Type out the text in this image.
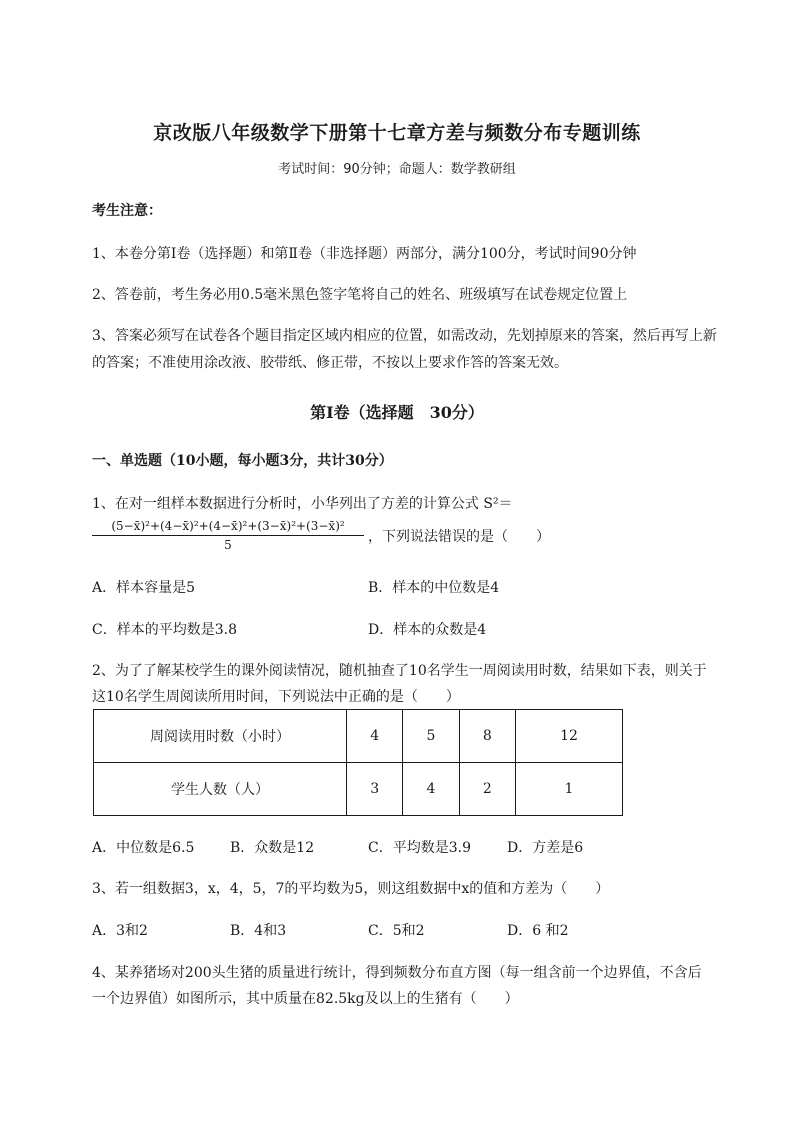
京改版八年级数学下册第十七章方差与频数分布专题训练
考试时间：90分钟；命题人：数学教研组
考生注意：
1、本卷分第Ⅰ卷（选择题）和第Ⅱ卷（非选择题）两部分，满分100分，考试时间90分钟
2、答卷前，考生务必用0.5毫米黑色签字笔将自己的姓名、班级填写在试卷规定位置上
3、答案必须写在试卷各个题目指定区域内相应的位置，如需改动，先划掉原来的答案，然后再写上新
的答案；不准使用涂改液、胶带纸、修正带，不按以上要求作答的答案无效。
第Ⅰ卷（选择题　30分）
一、单选题（10小题，每小题3分，共计30分）
1、在对一组样本数据进行分析时，小华列出了方差的计算公式 S²＝
$\frac{\text{(5−x̄)²+(4−x̄)²+(4−x̄)²+(3−x̄)²+(3−x̄)²}}{5}$ ，下列说法错误的是（　　）
A．样本容量是5	B．样本的中位数是4
C．样本的平均数是3.8	D．样本的众数是4
2、为了了解某校学生的课外阅读情况，随机抽查了10名学生一周阅读用时数，结果如下表，则关于
这10名学生周阅读所用时间，下列说法中正确的是（　　）
周阅读用时数（小时）	4	5	8	12
学生人数（人）	3	4	2	1
A．中位数是6.5	B．众数是12	C．平均数是3.9	D．方差是6
3、若一组数据3，x，4，5，7的平均数为5，则这组数据中x的值和方差为（　　）
A．3和2	B．4和3	C．5和2	D．6 和2
4、某养猪场对200头生猪的质量进行统计，得到频数分布直方图（每一组含前一个边界值，不含后
一个边界值）如图所示，其中质量在82.5kg及以上的生猪有（　　）
